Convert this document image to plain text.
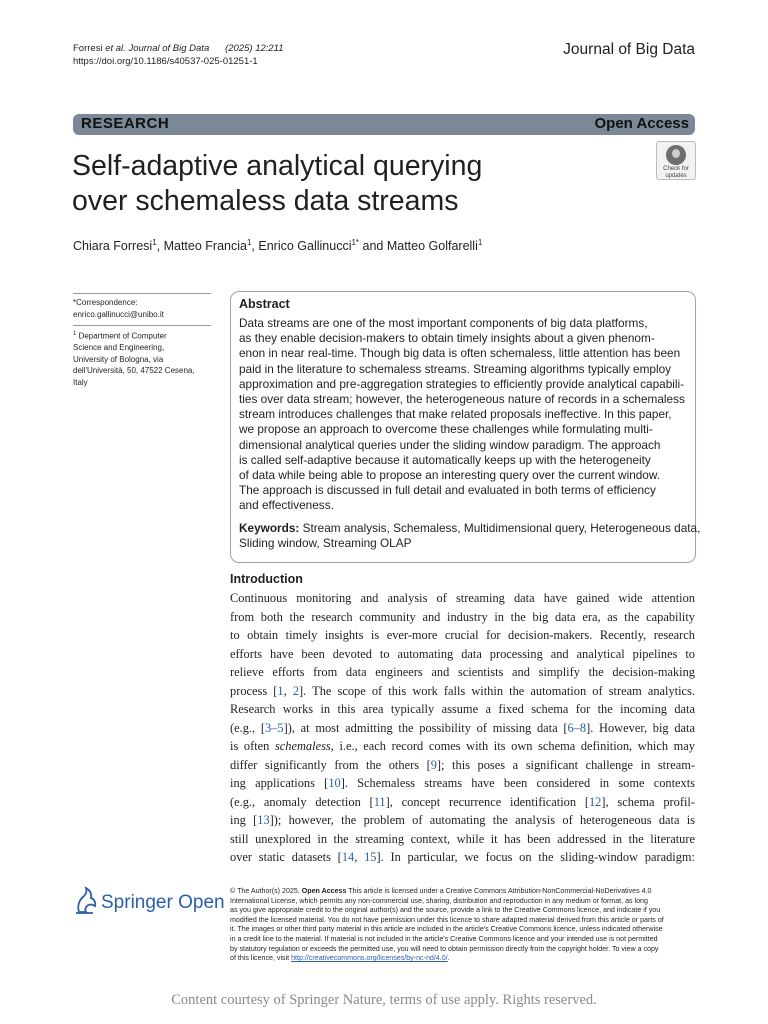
Forresi et al. Journal of Big Data (2025) 12:211
https://doi.org/10.1186/s40537-025-01251-1
Journal of Big Data
RESEARCH	Open Access
Self-adaptive analytical querying
over schemaless data streams
Check for
updates
Chiara Forresi$^1$, Matteo Francia$^1$, Enrico Gallinucci$^{1*}$ and Matteo Golfarelli$^1$
*Correspondence:
enrico.gallinucci@unibo.it
$^1$ Department of Computer
Science and Engineering,
University of Bologna, via
dell'Università, 50, 47522 Cesena,
Italy
Abstract
Data streams are one of the most important components of big data platforms,
as they enable decision-makers to obtain timely insights about a given phenom-
enon in near real-time. Though big data is often schemaless, little attention has been
paid in the literature to schemaless streams. Streaming algorithms typically employ
approximation and pre-aggregation strategies to efficiently provide analytical capabili-
ties over data stream; however, the heterogeneous nature of records in a schemaless
stream introduces challenges that make related proposals ineffective. In this paper,
we propose an approach to overcome these challenges while formulating multi-
dimensional analytical queries under the sliding window paradigm. The approach
is called self-adaptive because it automatically keeps up with the heterogeneity
of data while being able to propose an interesting query over the current window.
The approach is discussed in full detail and evaluated in both terms of efficiency
and effectiveness.
Keywords: Stream analysis, Schemaless, Multidimensional query, Heterogeneous data,
Sliding window, Streaming OLAP
Introduction
Continuous monitoring and analysis of streaming data have gained wide attention
from both the research community and industry in the big data era, as the capability
to obtain timely insights is ever-more crucial for decision-makers. Recently, research
efforts have been devoted to automating data processing and analytical pipelines to
relieve efforts from data engineers and scientists and simplify the decision-making
process [1, 2]. The scope of this work falls within the automation of stream analytics.
Research works in this area typically assume a fixed schema for the incoming data
(e.g., [3–5]), at most admitting the possibility of missing data [6–8]. However, big data
is often schemaless, i.e., each record comes with its own schema definition, which may
differ significantly from the others [9]; this poses a significant challenge in stream-
ing applications [10]. Schemaless streams have been considered in some contexts
(e.g., anomaly detection [11], concept recurrence identification [12], schema profil-
ing [13]); however, the problem of automating the analysis of heterogeneous data is
still unexplored in the streaming context, while it has been addressed in the literature
over static datasets [14, 15]. In particular, we focus on the sliding-window paradigm:
Springer Open
© The Author(s) 2025. Open Access This article is licensed under a Creative Commons Attribution-NonCommercial-NoDerivatives 4.0
International License, which permits any non-commercial use, sharing, distribution and reproduction in any medium or format, as long
as you give appropriate credit to the original author(s) and the source, provide a link to the Creative Commons licence, and indicate if you
modified the licensed material. You do not have permission under this licence to share adapted material derived from this article or parts of
it. The images or other third party material in this article are included in the article's Creative Commons licence, unless indicated otherwise
in a credit line to the material. If material is not included in the article's Creative Commons licence and your intended use is not permitted
by statutory regulation or exceeds the permitted use, you will need to obtain permission directly from the copyright holder. To view a copy
of this licence, visit http://creativecommons.org/licenses/by-nc-nd/4.0/.
Content courtesy of Springer Nature, terms of use apply. Rights reserved.
